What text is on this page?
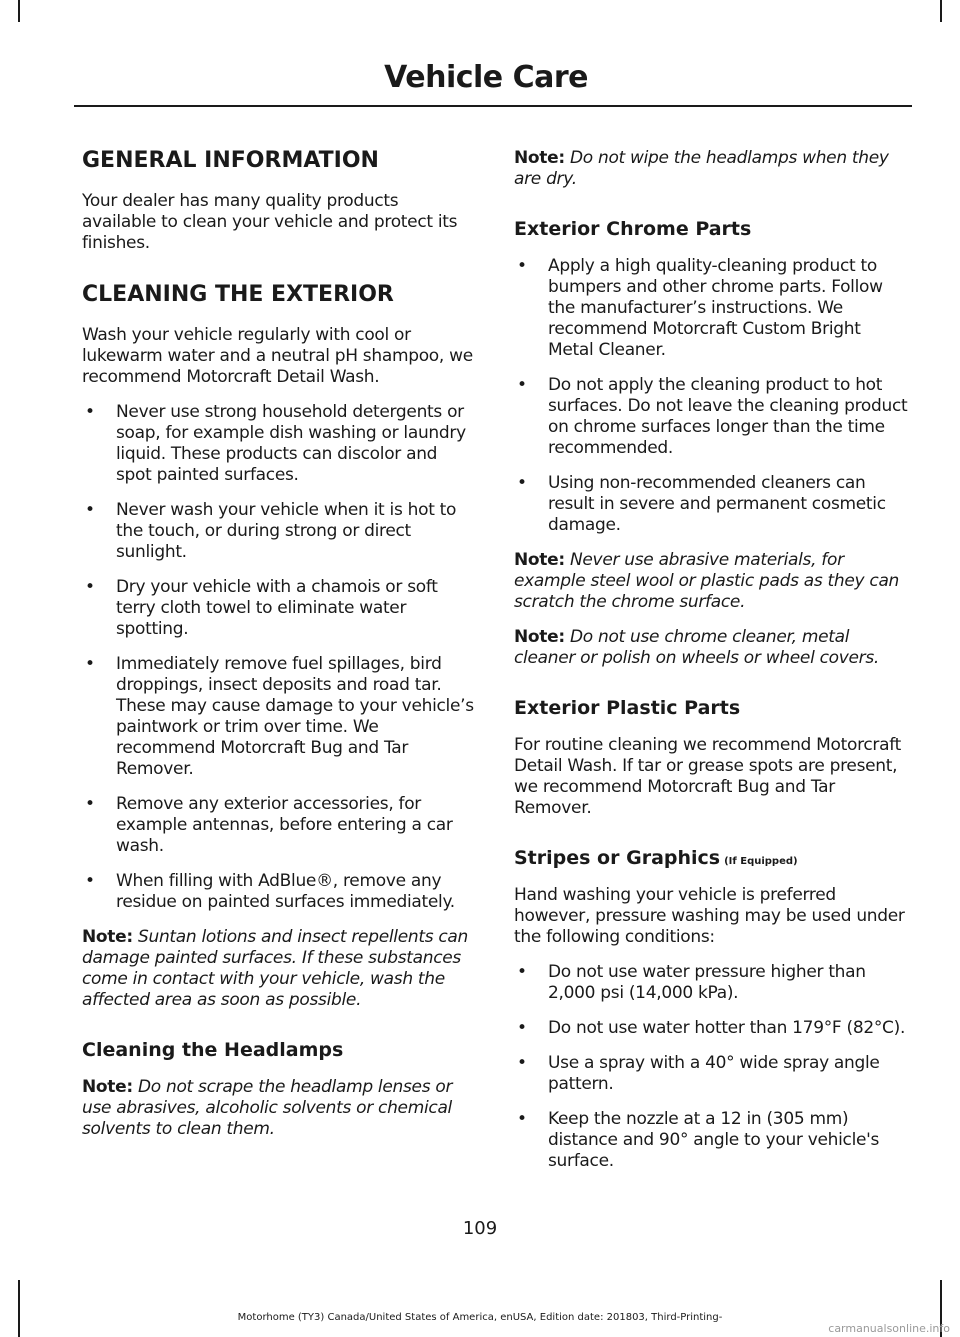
Vehicle Care
GENERAL INFORMATION

Your dealer has many quality products available to clean your vehicle and protect its finishes.

CLEANING THE EXTERIOR

Wash your vehicle regularly with cool or lukewarm water and a neutral pH shampoo, we recommend Motorcraft Detail Wash.

• Never use strong household detergents or soap, for example dish washing or laundry liquid. These products can discolor and spot painted surfaces.
• Never wash your vehicle when it is hot to the touch, or during strong or direct sunlight.
• Dry your vehicle with a chamois or soft terry cloth towel to eliminate water spotting.
• Immediately remove fuel spillages, bird droppings, insect deposits and road tar. These may cause damage to your vehicle’s paintwork or trim over time. We recommend Motorcraft Bug and Tar Remover.
• Remove any exterior accessories, for example antennas, before entering a car wash.
• When filling with AdBlue®, remove any residue on painted surfaces immediately.

Note: Suntan lotions and insect repellents can damage painted surfaces. If these substances come in contact with your vehicle, wash the affected area as soon as possible.

Cleaning the Headlamps

Note: Do not scrape the headlamp lenses or use abrasives, alcoholic solvents or chemical solvents to clean them.

Note: Do not wipe the headlamps when they are dry.

Exterior Chrome Parts
• Apply a high quality-cleaning product to bumpers and other chrome parts. Follow the manufacturer’s instructions. We recommend Motorcraft Custom Bright Metal Cleaner.
• Do not apply the cleaning product to hot surfaces. Do not leave the cleaning product on chrome surfaces longer than the time recommended.
• Using non-recommended cleaners can result in severe and permanent cosmetic damage.

Note: Never use abrasive materials, for example steel wool or plastic pads as they can scratch the chrome surface.

Note: Do not use chrome cleaner, metal cleaner or polish on wheels or wheel covers.

Exterior Plastic Parts

For routine cleaning we recommend Motorcraft Detail Wash. If tar or grease spots are present, we recommend Motorcraft Bug and Tar Remover.

Stripes or Graphics (If Equipped)

Hand washing your vehicle is preferred however, pressure washing may be used under the following conditions:

• Do not use water pressure higher than 2,000 psi (14,000 kPa).
• Do not use water hotter than 179°F (82°C).
• Use a spray with a 40° wide spray angle pattern.
• Keep the nozzle at a 12 in (305 mm) distance and 90° angle to your vehicle's surface.
109
Motorhome (TY3) Canada/United States of America, enUSA, Edition date: 201803, Third-Printing-
carmanualsonline.info
